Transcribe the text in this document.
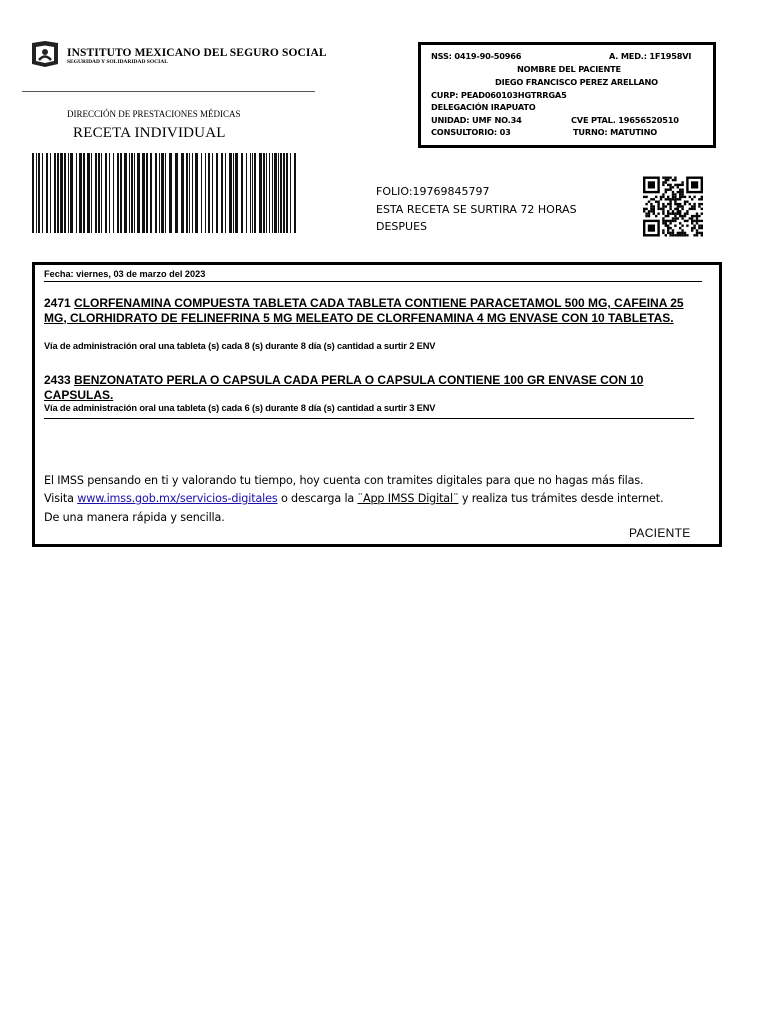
INSTITUTO MEXICANO DEL SEGURO SOCIAL
SEGURIDAD Y SOLIDARIDAD SOCIAL
DIRECCIÓN DE PRESTACIONES MÉDICAS
RECETA INDIVIDUAL
NSS: 0419-90-50966	A. MED.: 1F1958VI
NOMBRE DEL PACIENTE
DIEGO FRANCISCO PEREZ ARELLANO
CURP: PEAD060103HGTRRGA5
DELEGACIÓN IRAPUATO
UNIDAD: UMF NO.34	CVE PTAL. 19656520510
CONSULTORIO: 03	TURNO: MATUTINO
FOLIO:19769845797
ESTA RECETA SE SURTIRA 72 HORAS
DESPUES
Fecha: viernes, 03 de marzo del 2023
2471 CLORFENAMINA COMPUESTA TABLETA CADA TABLETA CONTIENE PARACETAMOL 500 MG, CAFEINA 25 MG, CLORHIDRATO DE FELINEFRINA 5 MG MELEATO DE CLORFENAMINA 4 MG ENVASE CON 10 TABLETAS.
Vía de administración oral una tableta (s) cada 8 (s) durante 8 día (s) cantidad a surtir 2 ENV
2433 BENZONATATO PERLA O CAPSULA CADA PERLA O CAPSULA CONTIENE 100 GR ENVASE CON 10 CAPSULAS.
Vía de administración oral una tableta (s) cada 6 (s) durante 8 día (s) cantidad a surtir 3 ENV
El IMSS pensando en ti y valorando tu tiempo, hoy cuenta con tramites digitales para que no hagas más filas.
Visita www.imss.gob.mx/servicios-digitales o descarga la ¨App IMSS Digital¨ y realiza tus trámites desde internet.
De una manera rápida y sencilla.
PACIENTE
